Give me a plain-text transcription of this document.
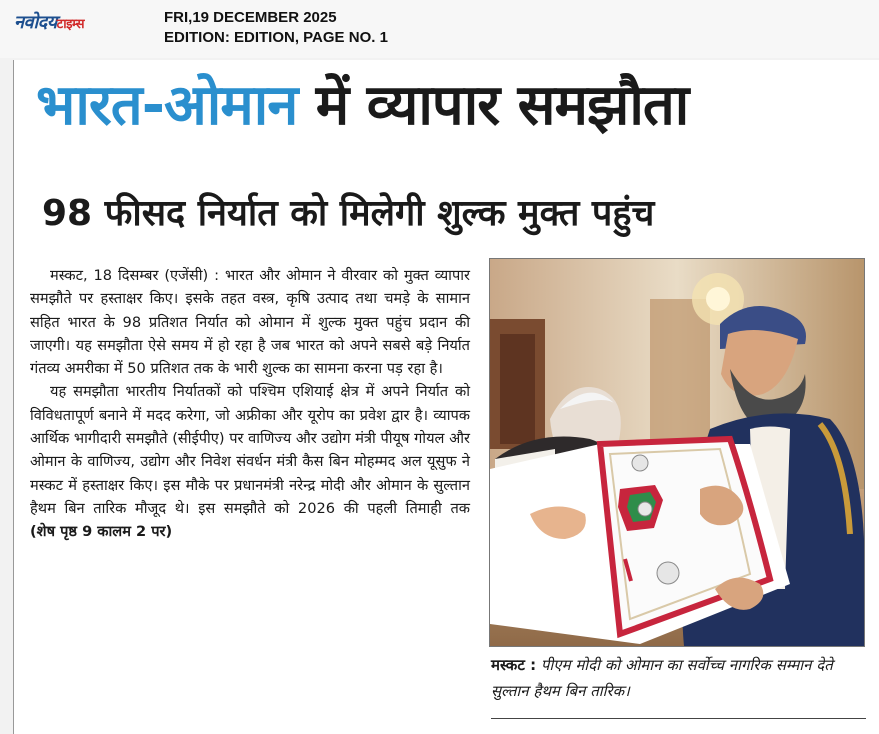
नवोदयटाइम्स	FRI,19 DECEMBER 2025
EDITION: EDITION, PAGE NO. 1
भारत-ओमान में व्यापार समझौता
98 फीसद निर्यात को मिलेगी शुल्क मुक्त पहुंच

मस्कट, 18 दिसम्बर (एजेंसी) : भारत और ओमान ने वीरवार को मुक्त व्यापार समझौते पर हस्ताक्षर किए। इसके तहत वस्त्र, कृषि उत्पाद तथा चमड़े के सामान सहित भारत के 98 प्रतिशत निर्यात को ओमान में शुल्क मुक्त पहुंच प्रदान की जाएगी। यह समझौता ऐसे समय में हो रहा है जब भारत को अपने सबसे बड़े निर्यात गंतव्य अमरीका में 50 प्रतिशत तक के भारी शुल्क का सामना करना पड़ रहा है।

यह समझौता भारतीय निर्यातकों को पश्चिम एशियाई क्षेत्र में अपने निर्यात को विविधतापूर्ण बनाने में मदद करेगा, जो अफ्रीका और यूरोप का प्रवेश द्वार है। व्यापक आर्थिक भागीदारी समझौते (सीईपीए) पर वाणिज्य और उद्योग मंत्री पीयूष गोयल और ओमान के वाणिज्य, उद्योग और निवेश संवर्धन मंत्री कैस बिन मोहम्मद अल यूसुफ ने मस्कट में हस्ताक्षर किए। इस मौके पर प्रधानमंत्री नरेन्द्र मोदी और ओमान के सुल्तान हैथम बिन तारिक मौजूद थे। इस समझौते को 2026 की पहली तिमाही तक (शेष पृष्ठ 9 कालम 2 पर)

मस्कट : पीएम मोदी को ओमान का सर्वोच्च नागरिक सम्मान देते सुल्तान हैथम बिन तारिक।
